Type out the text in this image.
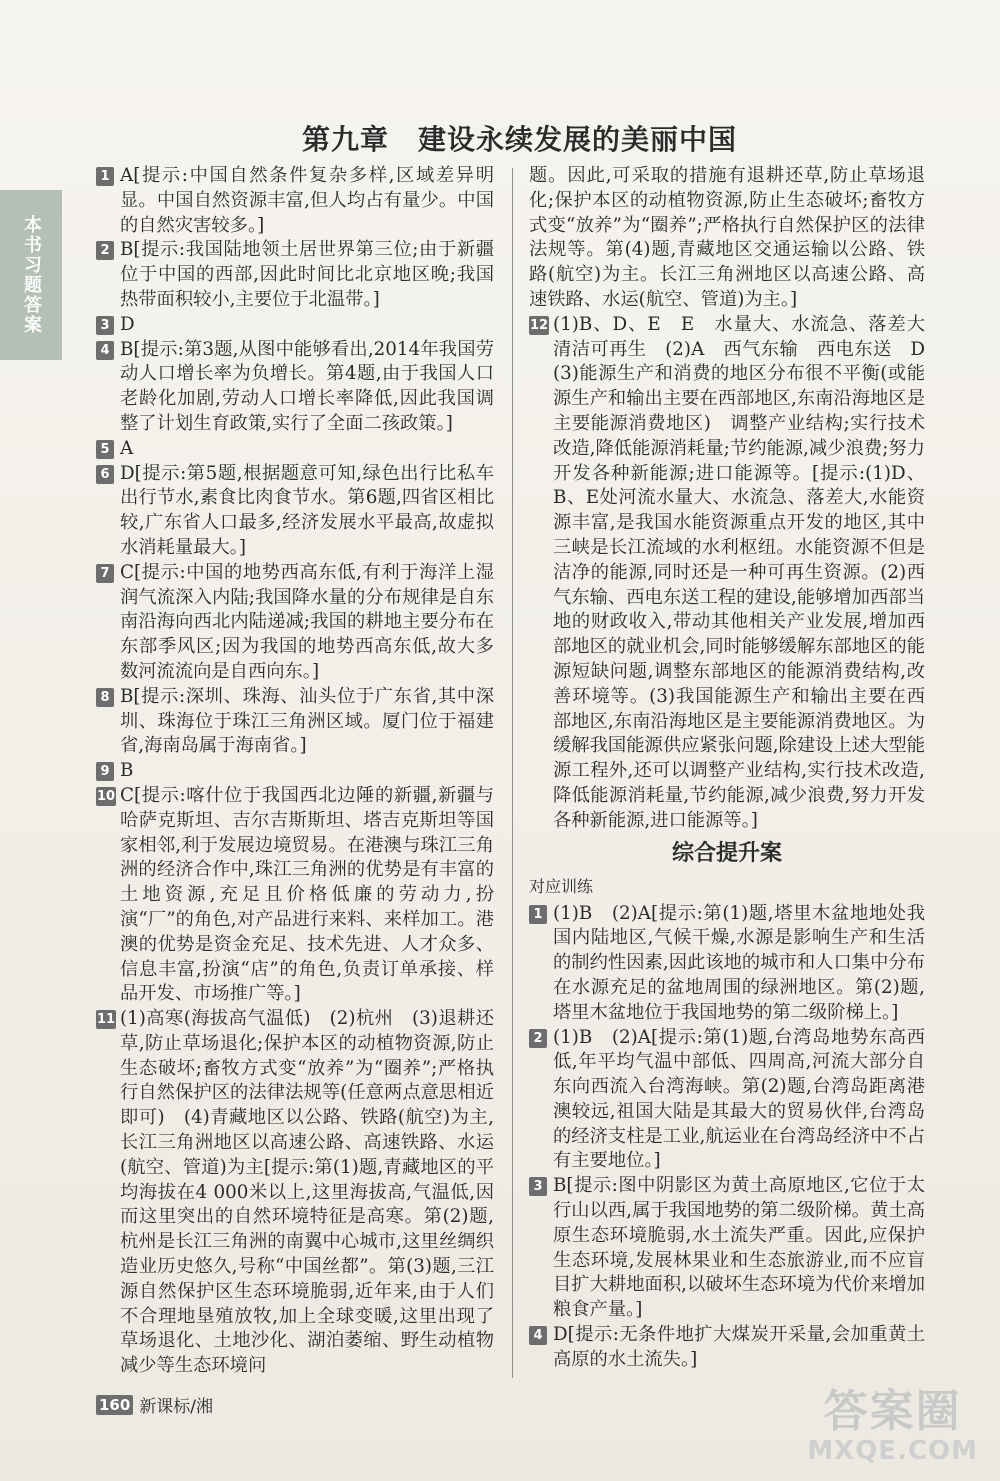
本书习题答案
第九章　建设永续发展的美丽中国
1 A[提示:中国自然条件复杂多样,区域差异明显。中国自然资源丰富,但人均占有量少。中国的自然灾害较多。]
2 B[提示:我国陆地领土居世界第三位;由于新疆位于中国的西部,因此时间比北京地区晚;我国热带面积较小,主要位于北温带。]
3 D
4 B[提示:第3题,从图中能够看出,2014年我国劳动人口增长率为负增长。第4题,由于我国人口老龄化加剧,劳动人口增长率降低,因此我国调整了计划生育政策,实行了全面二孩政策。]
5 A
6 D[提示:第5题,根据题意可知,绿色出行比私车出行节水,素食比肉食节水。第6题,四省区相比较,广东省人口最多,经济发展水平最高,故虚拟水消耗量最大。]
7 C[提示:中国的地势西高东低,有利于海洋上湿润气流深入内陆;我国降水量的分布规律是自东南沿海向西北内陆递减;我国的耕地主要分布在东部季风区;因为我国的地势西高东低,故大多数河流流向是自西向东。]
8 B[提示:深圳、珠海、汕头位于广东省,其中深圳、珠海位于珠江三角洲区域。厦门位于福建省,海南岛属于海南省。]
9 B
10 C[提示:喀什位于我国西北边陲的新疆,新疆与哈萨克斯坦、吉尔吉斯斯坦、塔吉克斯坦等国家相邻,利于发展边境贸易。在港澳与珠江三角洲的经济合作中,珠江三角洲的优势是有丰富的土地资源,充足且价格低廉的劳动力,扮演“厂”的角色,对产品进行来料、来样加工。港澳的优势是资金充足、技术先进、人才众多、信息丰富,扮演“店”的角色,负责订单承接、样品开发、市场推广等。]
11 (1)高寒(海拔高气温低)　(2)杭州　(3)退耕还草,防止草场退化;保护本区的动植物资源,防止生态破坏;畜牧方式变“放养”为“圈养”;严格执行自然保护区的法律法规等(任意两点意思相近即可)　(4)青藏地区以公路、铁路(航空)为主,长江三角洲地区以高速公路、高速铁路、水运(航空、管道)为主[提示:第(1)题,青藏地区的平均海拔在4 000米以上,这里海拔高,气温低,因而这里突出的自然环境特征是高寒。第(2)题,杭州是长江三角洲的南翼中心城市,这里丝绸织造业历史悠久,号称“中国丝都”。第(3)题,三江源自然保护区生态环境脆弱,近年来,由于人们不合理地垦殖放牧,加上全球变暖,这里出现了草场退化、土地沙化、湖泊萎缩、野生动植物减少等生态环境问
题。因此,可采取的措施有退耕还草,防止草场退化;保护本区的动植物资源,防止生态破坏;畜牧方式变“放养”为“圈养”;严格执行自然保护区的法律法规等。第(4)题,青藏地区交通运输以公路、铁路(航空)为主。长江三角洲地区以高速公路、高速铁路、水运(航空、管道)为主。]
12 (1)B、D、E　E　水量大、水流急、落差大　清洁可再生　(2)A　西气东输　西电东送　D　(3)能源生产和消费的地区分布很不平衡(或能源生产和输出主要在西部地区,东南沿海地区是主要能源消费地区)　调整产业结构;实行技术改造,降低能源消耗量;节约能源,减少浪费;努力开发各种新能源;进口能源等。[提示:(1)D、B、E处河流水量大、水流急、落差大,水能资源丰富,是我国水能资源重点开发的地区,其中三峡是长江流域的水利枢纽。水能资源不但是洁净的能源,同时还是一种可再生资源。(2)西气东输、西电东送工程的建设,能够增加西部当地的财政收入,带动其他相关产业发展,增加西部地区的就业机会,同时能够缓解东部地区的能源短缺问题,调整东部地区的能源消费结构,改善环境等。(3)我国能源生产和输出主要在西部地区,东南沿海地区是主要能源消费地区。为缓解我国能源供应紧张问题,除建设上述大型能源工程外,还可以调整产业结构,实行技术改造,降低能源消耗量,节约能源,减少浪费,努力开发各种新能源,进口能源等。]
综合提升案
对应训练
1 (1)B　(2)A[提示:第(1)题,塔里木盆地地处我国内陆地区,气候干燥,水源是影响生产和生活的制约性因素,因此该地的城市和人口集中分布在水源充足的盆地周围的绿洲地区。第(2)题,塔里木盆地位于我国地势的第二级阶梯上。]
2 (1)B　(2)A[提示:第(1)题,台湾岛地势东高西低,年平均气温中部低、四周高,河流大部分自东向西流入台湾海峡。第(2)题,台湾岛距离港澳较远,祖国大陆是其最大的贸易伙伴,台湾岛的经济支柱是工业,航运业在台湾岛经济中不占有主要地位。]
3 B[提示:图中阴影区为黄土高原地区,它位于太行山以西,属于我国地势的第二级阶梯。黄土高原生态环境脆弱,水土流失严重。因此,应保护生态环境,发展林果业和生态旅游业,而不应盲目扩大耕地面积,以破坏生态环境为代价来增加粮食产量。]
4 D[提示:无条件地扩大煤炭开采量,会加重黄土高原的水土流失。]
160 新课标/湘	答案圈
MXQE.COM
